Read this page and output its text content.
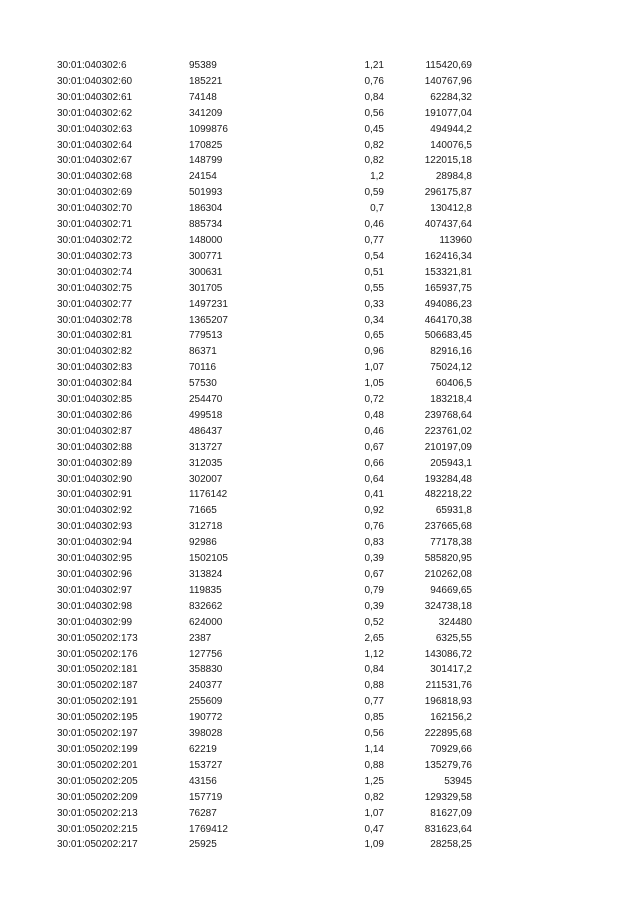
30:01:040302:6	95389	1,21	115420,69
30:01:040302:60	185221	0,76	140767,96
30:01:040302:61	74148	0,84	62284,32
30:01:040302:62	341209	0,56	191077,04
30:01:040302:63	1099876	0,45	494944,2
30:01:040302:64	170825	0,82	140076,5
30:01:040302:67	148799	0,82	122015,18
30:01:040302:68	24154	1,2	28984,8
30:01:040302:69	501993	0,59	296175,87
30:01:040302:70	186304	0,7	130412,8
30:01:040302:71	885734	0,46	407437,64
30:01:040302:72	148000	0,77	113960
30:01:040302:73	300771	0,54	162416,34
30:01:040302:74	300631	0,51	153321,81
30:01:040302:75	301705	0,55	165937,75
30:01:040302:77	1497231	0,33	494086,23
30:01:040302:78	1365207	0,34	464170,38
30:01:040302:81	779513	0,65	506683,45
30:01:040302:82	86371	0,96	82916,16
30:01:040302:83	70116	1,07	75024,12
30:01:040302:84	57530	1,05	60406,5
30:01:040302:85	254470	0,72	183218,4
30:01:040302:86	499518	0,48	239768,64
30:01:040302:87	486437	0,46	223761,02
30:01:040302:88	313727	0,67	210197,09
30:01:040302:89	312035	0,66	205943,1
30:01:040302:90	302007	0,64	193284,48
30:01:040302:91	1176142	0,41	482218,22
30:01:040302:92	71665	0,92	65931,8
30:01:040302:93	312718	0,76	237665,68
30:01:040302:94	92986	0,83	77178,38
30:01:040302:95	1502105	0,39	585820,95
30:01:040302:96	313824	0,67	210262,08
30:01:040302:97	119835	0,79	94669,65
30:01:040302:98	832662	0,39	324738,18
30:01:040302:99	624000	0,52	324480
30:01:050202:173	2387	2,65	6325,55
30:01:050202:176	127756	1,12	143086,72
30:01:050202:181	358830	0,84	301417,2
30:01:050202:187	240377	0,88	211531,76
30:01:050202:191	255609	0,77	196818,93
30:01:050202:195	190772	0,85	162156,2
30:01:050202:197	398028	0,56	222895,68
30:01:050202:199	62219	1,14	70929,66
30:01:050202:201	153727	0,88	135279,76
30:01:050202:205	43156	1,25	53945
30:01:050202:209	157719	0,82	129329,58
30:01:050202:213	76287	1,07	81627,09
30:01:050202:215	1769412	0,47	831623,64
30:01:050202:217	25925	1,09	28258,25
